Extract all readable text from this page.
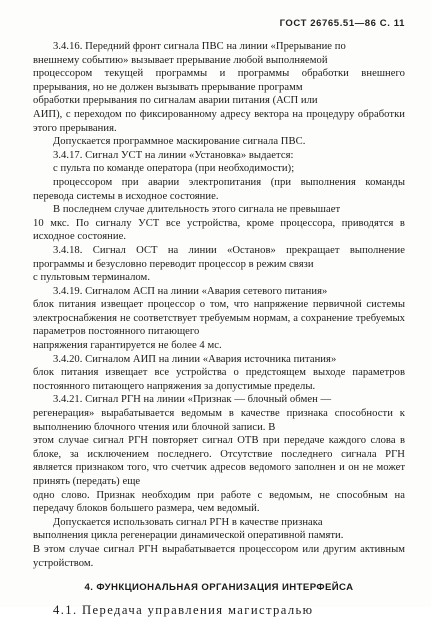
ГОСТ 26765.51—86 С. 11

3.4.16. Передний фронт сигнала ПВС на линии «Прерывание по
внешнему событию» вызывает прерывание любой выполняемой
процессором текущей программы и программы обработки внешнего прерывания, но не должен вызывать прерывание программ
обработки прерывания по сигналам аварии питания (АСП или
АИП), с переходом по фиксированному адресу вектора на процедуру обработки этого прерывания.

Допускается программное маскирование сигнала ПВС.

3.4.17. Сигнал УСТ на линии «Установка» выдается:

с пульта по команде оператора (при необходимости);

процессором при аварии электропитания (при выполнения команды перевода системы в исходное состояние.

В последнем случае длительность этого сигнала не превышает
10 мкс. По сигналу УСТ все устройства, кроме процессора, приводятся в исходное состояние.

3.4.18. Сигнал ОСТ на линии «Останов» прекращает выполнение программы и безусловно переводит процессор в режим связи
с пультовым терминалом.

3.4.19. Сигналом АСП на линии «Авария сетевого питания»
блок питания извещает процессор о том, что напряжение первичной системы электроснабжения не соответствует требуемым нормам, а сохранение требуемых параметров постоянного питающего
напряжения гарантируется не более 4 мс.

3.4.20. Сигналом АИП на линии «Авария источника питания»
блок питания извещает все устройства о предстоящем выходе параметров постоянного питающего напряжения за допустимые пределы.

3.4.21. Сигнал РГН на линии «Признак — блочный обмен —
регенерация» вырабатывается ведомым в качестве признака способности к выполнению блочного чтения или блочной записи. В
этом случае сигнал РГН повторяет сигнал ОТВ при передаче каждого слова в блоке, за исключением последнего. Отсутствие последнего сигнала РГН является признаком того, что счетчик адресов ведомого заполнен и он не может принять (передать) еще
одно слово. Признак необходим при работе с ведомым, не способным на передачу блоков большего размера, чем ведомый.

Допускается использовать сигнал РГН в качестве признака
выполнения цикла регенерации динамической оперативной памяти.
В этом случае сигнал РГН вырабатывается процессором или другим активным устройством.

4. ФУНКЦИОНАЛЬНАЯ ОРГАНИЗАЦИЯ ИНТЕРФЕЙСА

4.1. Передача управления магистралью
